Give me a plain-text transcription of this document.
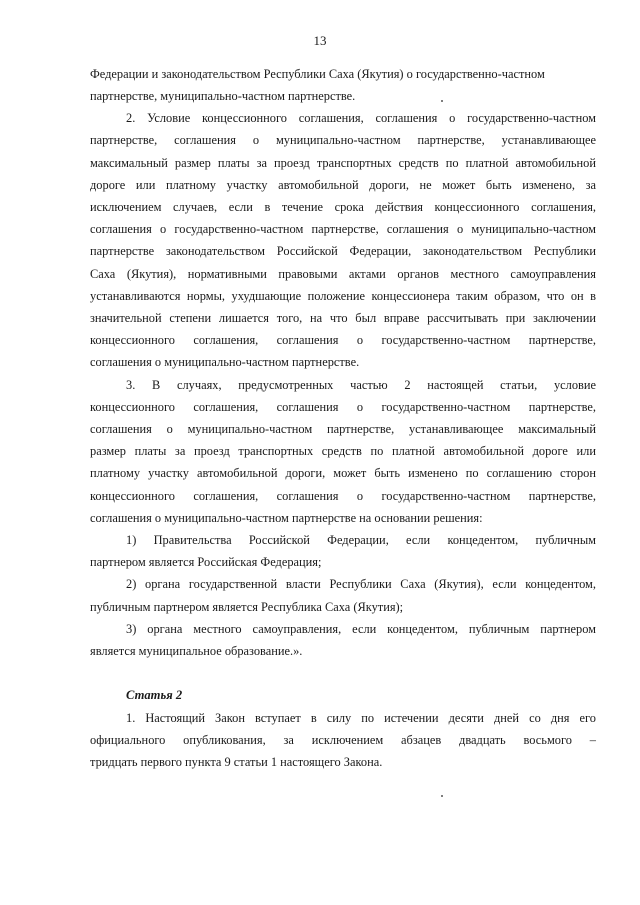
13
Федерации и законодательством Республики Саха (Якутия) о государственно-частном
партнерстве, муниципально-частном партнерстве.
2. Условие концессионного соглашения, соглашения о государственно-частном
партнерстве, соглашения о муниципально-частном партнерстве, устанавливающее
максимальный размер платы за проезд транспортных средств по платной автомобильной
дороге или платному участку автомобильной дороги, не может быть изменено, за
исключением случаев, если в течение срока действия концессионного соглашения,
соглашения о государственно-частном партнерстве, соглашения о муниципально-частном
партнерстве законодательством Российской Федерации, законодательством Республики
Саха (Якутия), нормативными правовыми актами органов местного самоуправления
устанавливаются нормы, ухудшающие положение концессионера таким образом, что он в
значительной степени лишается того, на что был вправе рассчитывать при заключении
концессионного соглашения, соглашения о государственно-частном партнерстве,
соглашения о муниципально-частном партнерстве.
3. В случаях, предусмотренных частью 2 настоящей статьи, условие
концессионного соглашения, соглашения о государственно-частном партнерстве,
соглашения о муниципально-частном партнерстве, устанавливающее максимальный
размер платы за проезд транспортных средств по платной автомобильной дороге или
платному участку автомобильной дороги, может быть изменено по соглашению сторон
концессионного соглашения, соглашения о государственно-частном партнерстве,
соглашения о муниципально-частном партнерстве на основании решения:
1) Правительства Российской Федерации, если концедентом, публичным
партнером является Российская Федерация;
2) органа государственной власти Республики Саха (Якутия), если концедентом,
публичным партнером является Республика Саха (Якутия);
3) органа местного самоуправления, если концедентом, публичным партнером
является муниципальное образование.».
Статья 2
1. Настоящий Закон вступает в силу по истечении десяти дней со дня его
официального опубликования, за исключением абзацев двадцать восьмого –
тридцать первого пункта 9 статьи 1 настоящего Закона.
